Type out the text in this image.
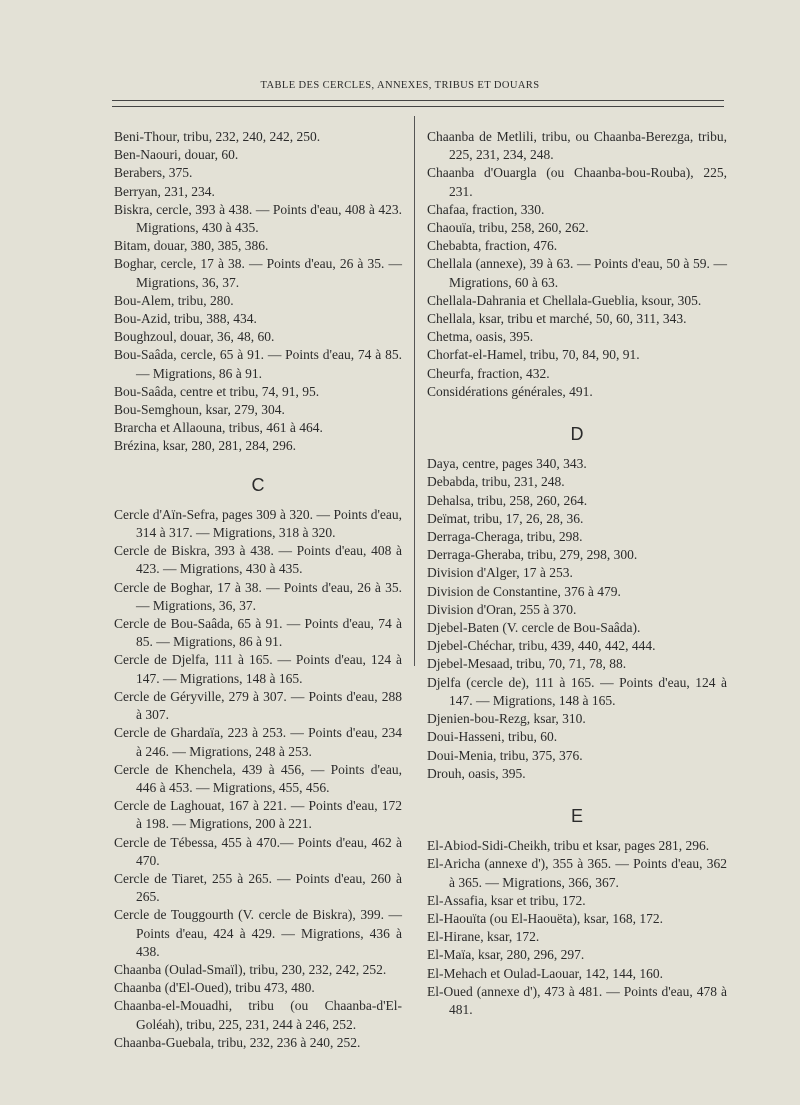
TABLE DES CERCLES, ANNEXES, TRIBUS ET DOUARS

Beni-Thour, tribu, 232, 240, 242, 250.

Ben-Naouri, douar, 60.

Berabers, 375.

Berryan, 231, 234.

Biskra, cercle, 393 à 438. — Points d'eau, 408 à 423. Migrations, 430 à 435.

Bitam, douar, 380, 385, 386.

Boghar, cercle, 17 à 38. — Points d'eau, 26 à 35. — Migrations, 36, 37.

Bou-Alem, tribu, 280.

Bou-Azid, tribu, 388, 434.

Boughzoul, douar, 36, 48, 60.

Bou-Saâda, cercle, 65 à 91. — Points d'eau, 74 à 85. — Migrations, 86 à 91.

Bou-Saâda, centre et tribu, 74, 91, 95.

Bou-Semghoun, ksar, 279, 304.

Brarcha et Allaouna, tribus, 461 à 464.

Brézina, ksar, 280, 281, 284, 296.

C

Cercle d'Aïn-Sefra, pages 309 à 320. — Points d'eau, 314 à 317. — Migrations, 318 à 320.

Cercle de Biskra, 393 à 438. — Points d'eau, 408 à 423. — Migrations, 430 à 435.

Cercle de Boghar, 17 à 38. — Points d'eau, 26 à 35. — Migrations, 36, 37.

Cercle de Bou-Saâda, 65 à 91. — Points d'eau, 74 à 85. — Migrations, 86 à 91.

Cercle de Djelfa, 111 à 165. — Points d'eau, 124 à 147. — Migrations, 148 à 165.

Cercle de Géryville, 279 à 307. — Points d'eau, 288 à 307.

Cercle de Ghardaïa, 223 à 253. — Points d'eau, 234 à 246. — Migrations, 248 à 253.

Cercle de Khenchela, 439 à 456, — Points d'eau, 446 à 453. — Migrations, 455, 456.

Cercle de Laghouat, 167 à 221. — Points d'eau, 172 à 198. — Migrations, 200 à 221.

Cercle de Tébessa, 455 à 470.— Points d'eau, 462 à 470.

Cercle de Tiaret, 255 à 265. — Points d'eau, 260 à 265.

Cercle de Touggourth (V. cercle de Biskra), 399. — Points d'eau, 424 à 429. — Migrations, 436 à 438.

Chaanba (Oulad-Smaïl), tribu, 230, 232, 242, 252.

Chaanba (d'El-Oued), tribu 473, 480.

Chaanba-el-Mouadhi, tribu (ou Chaanba-d'El-Goléah), tribu, 225, 231, 244 à 246, 252.

Chaanba-Guebala, tribu, 232, 236 à 240, 252.

Chaanba de Metlili, tribu, ou Chaanba-Berezga, tribu, 225, 231, 234, 248.

Chaanba d'Ouargla (ou Chaanba-bou-Rouba), 225, 231.

Chafaa, fraction, 330.

Chaouïa, tribu, 258, 260, 262.

Chebabta, fraction, 476.

Chellala (annexe), 39 à 63. — Points d'eau, 50 à 59. — Migrations, 60 à 63.

Chellala-Dahrania et Chellala-Gueblia, ksour, 305.

Chellala, ksar, tribu et marché, 50, 60, 311, 343.

Chetma, oasis, 395.

Chorfat-el-Hamel, tribu, 70, 84, 90, 91.

Cheurfa, fraction, 432.

Considérations générales, 491.

D

Daya, centre, pages 340, 343.

Debabda, tribu, 231, 248.

Dehalsa, tribu, 258, 260, 264.

Deïmat, tribu, 17, 26, 28, 36.

Derraga-Cheraga, tribu, 298.

Derraga-Gheraba, tribu, 279, 298, 300.

Division d'Alger, 17 à 253.

Division de Constantine, 376 à 479.

Division d'Oran, 255 à 370.

Djebel-Baten (V. cercle de Bou-Saâda).

Djebel-Chéchar, tribu, 439, 440, 442, 444.

Djebel-Mesaad, tribu, 70, 71, 78, 88.

Djelfa (cercle de), 111 à 165. — Points d'eau, 124 à 147. — Migrations, 148 à 165.

Djenien-bou-Rezg, ksar, 310.

Doui-Hasseni, tribu, 60.

Doui-Menia, tribu, 375, 376.

Drouh, oasis, 395.

E

El-Abiod-Sidi-Cheikh, tribu et ksar, pages 281, 296.

El-Aricha (annexe d'), 355 à 365. — Points d'eau, 362 à 365. — Migrations, 366, 367.

El-Assafia, ksar et tribu, 172.

El-Haouïta (ou El-Haouëta), ksar, 168, 172.

El-Hirane, ksar, 172.

El-Maïa, ksar, 280, 296, 297.

El-Mehach et Oulad-Laouar, 142, 144, 160.

El-Oued (annexe d'), 473 à 481. — Points d'eau, 478 à 481.
